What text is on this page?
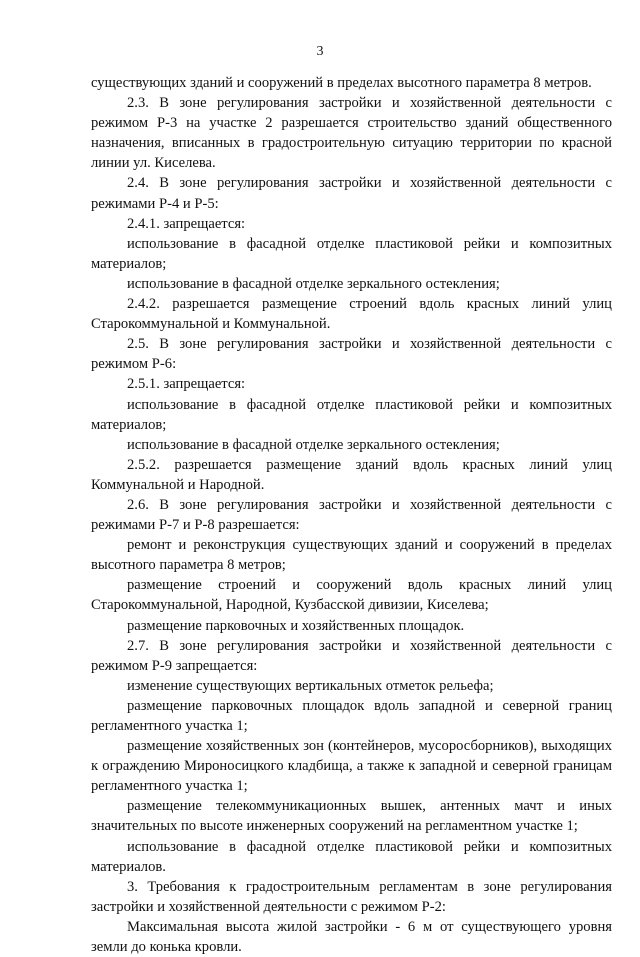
3

существующих зданий и сооружений в пределах высотного параметра 8 метров.

2.3. В зоне регулирования застройки и хозяйственной деятельности с режимом Р-3 на участке 2 разрешается строительство зданий общественного назначения, вписанных в градостроительную ситуацию территории по красной линии ул. Киселева.

2.4. В зоне регулирования застройки и хозяйственной деятельности с режимами Р-4 и Р-5:

2.4.1. запрещается:

использование в фасадной отделке пластиковой рейки и композитных материалов;

использование в фасадной отделке зеркального остекления;

2.4.2. разрешается размещение строений вдоль красных линий улиц Старокоммунальной и Коммунальной.

2.5. В зоне регулирования застройки и хозяйственной деятельности с режимом Р-6:

2.5.1. запрещается:

использование в фасадной отделке пластиковой рейки и композитных материалов;

использование в фасадной отделке зеркального остекления;

2.5.2. разрешается размещение зданий вдоль красных линий улиц Коммунальной и Народной.

2.6. В зоне регулирования застройки и хозяйственной деятельности с режимами Р-7 и Р-8 разрешается:

ремонт и реконструкция существующих зданий и сооружений в пределах высотного параметра 8 метров;

размещение строений и сооружений вдоль красных линий улиц Старокоммунальной, Народной, Кузбасской дивизии, Киселева;

размещение парковочных и хозяйственных площадок.

2.7. В зоне регулирования застройки и хозяйственной деятельности с режимом Р-9 запрещается:

изменение существующих вертикальных отметок рельефа;

размещение парковочных площадок вдоль западной и северной границ регламентного участка 1;

размещение хозяйственных зон (контейнеров, мусоросборников), выходящих к ограждению Мироносицкого кладбища, а также к западной и северной границам регламентного участка 1;

размещение телекоммуникационных вышек, антенных мачт и иных значительных по высоте инженерных сооружений на регламентном участке 1;

использование в фасадной отделке пластиковой рейки и композитных материалов.

3. Требования к градостроительным регламентам в зоне регулирования застройки и хозяйственной деятельности с режимом Р-2:

Максимальная высота жилой застройки - 6 м от существующего уровня земли до конька кровли.
